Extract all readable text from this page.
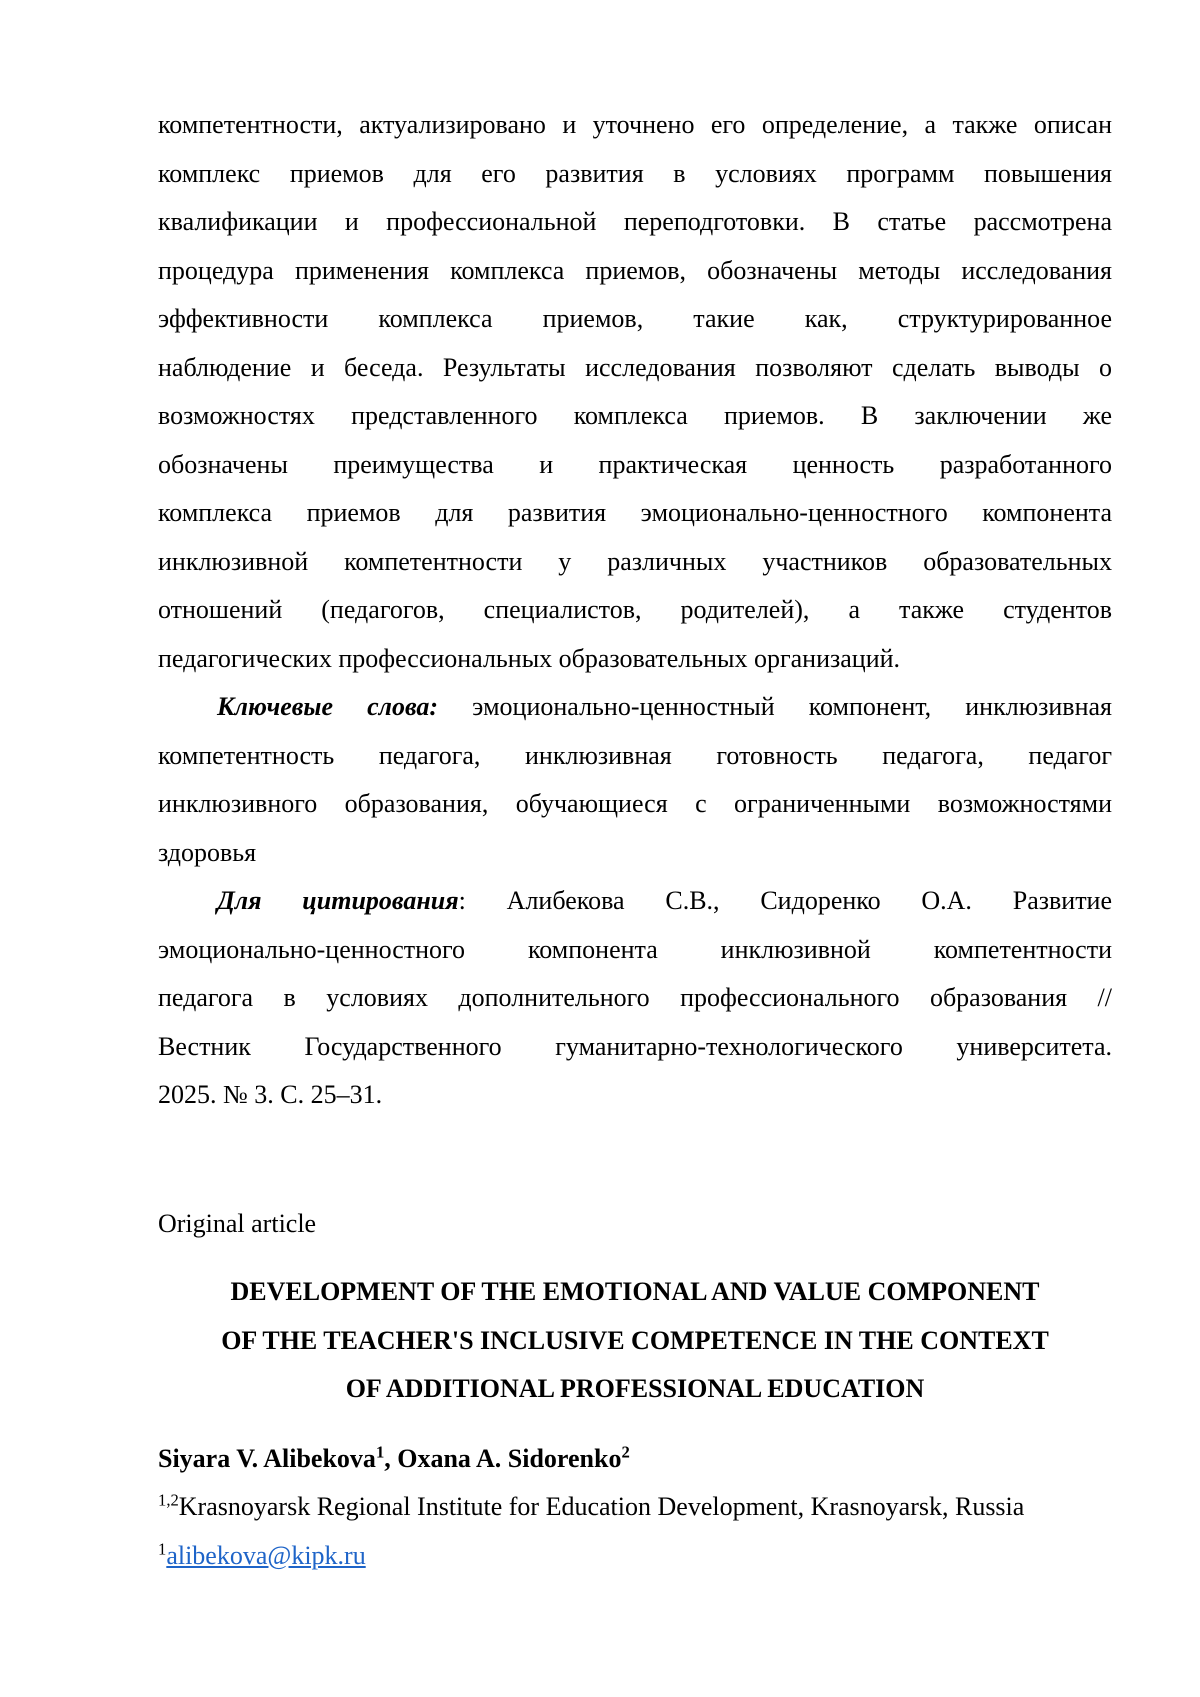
компетентности, актуализировано и уточнено его определение, а также описан
комплекс приемов для его развития в условиях программ повышения
квалификации и профессиональной переподготовки. В статье рассмотрена
процедура применения комплекса приемов, обозначены методы исследования
эффективности комплекса приемов, такие как, структурированное
наблюдение и беседа. Результаты исследования позволяют сделать выводы о
возможностях представленного комплекса приемов. В заключении же
обозначены преимущества и практическая ценность разработанного
комплекса приемов для развития эмоционально-ценностного компонента
инклюзивной компетентности у различных участников образовательных
отношений (педагогов, специалистов, родителей), а также студентов
педагогических профессиональных образовательных организаций.
Ключевые слова: эмоционально-ценностный компонент, инклюзивная
компетентность педагога, инклюзивная готовность педагога, педагог
инклюзивного образования, обучающиеся с ограниченными возможностями
здоровья
Для цитирования: Алибекова С.В., Сидоренко О.А. Развитие
эмоционально-ценностного компонента инклюзивной компетентности
педагога в условиях дополнительного профессионального образования //
Вестник Государственного гуманитарно-технологического университета.
2025. № 3. С. 25–31.
Original article
DEVELOPMENT OF THE EMOTIONAL AND VALUE COMPONENT
OF THE TEACHER'S INCLUSIVE COMPETENCE IN THE CONTEXT
OF ADDITIONAL PROFESSIONAL EDUCATION
Siyara V. Alibekova$^1$, Oxana A. Sidorenko$^2$
$^{1,2}$Krasnoyarsk Regional Institute for Education Development, Krasnoyarsk, Russia
$^1$alibekova@kipk.ru
